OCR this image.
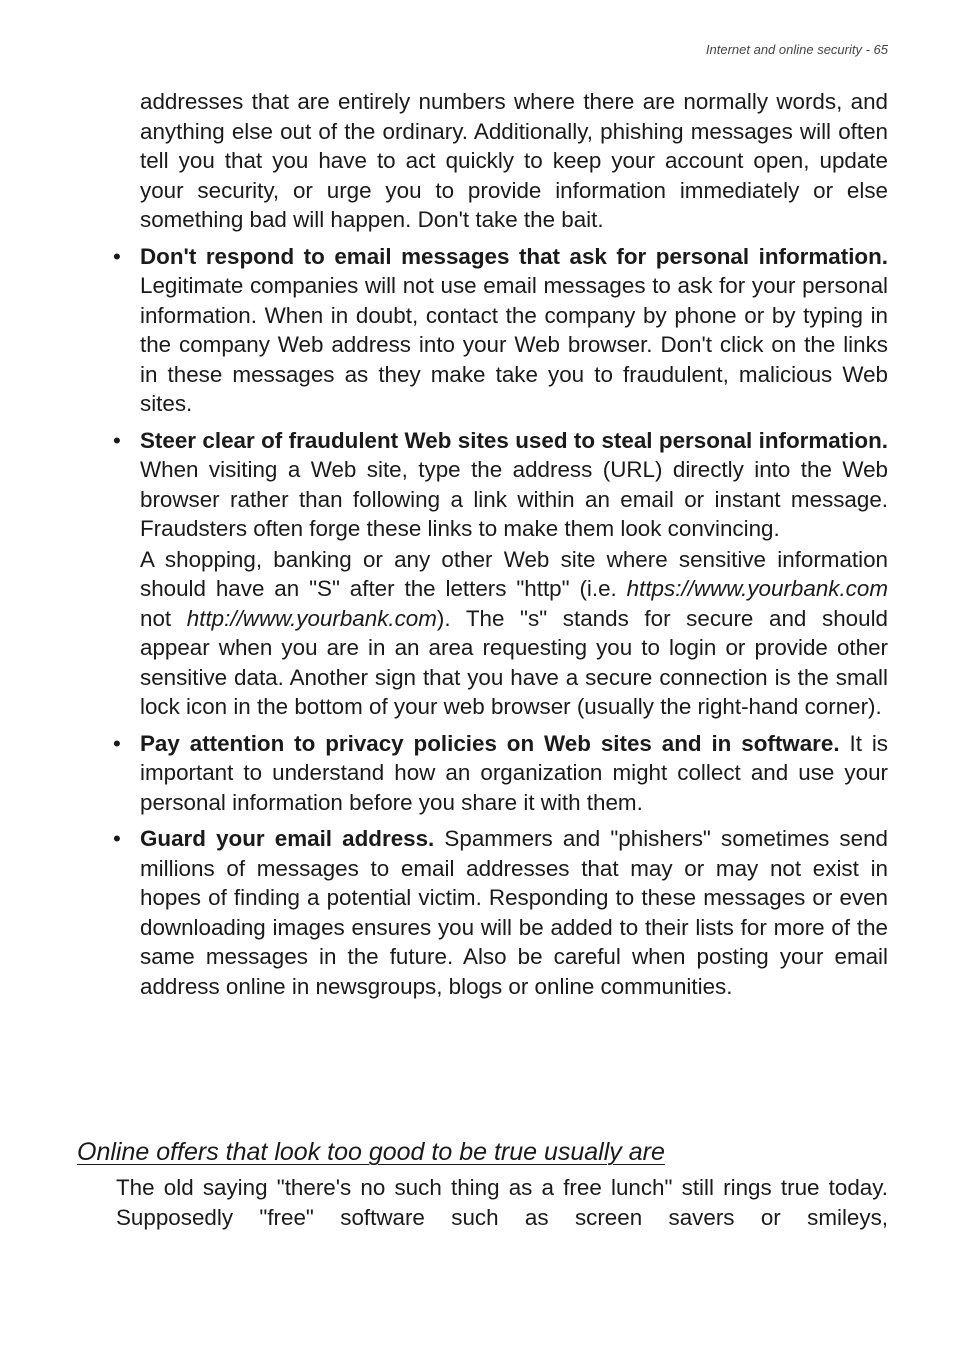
Internet and online security - 65

addresses that are entirely numbers where there are normally words, and anything else out of the ordinary. Additionally, phishing messages will often tell you that you have to act quickly to keep your account open, update your security, or urge you to provide information immediately or else something bad will happen. Don't take the bait.

• Don't respond to email messages that ask for personal information. Legitimate companies will not use email messages to ask for your personal information. When in doubt, contact the company by phone or by typing in the company Web address into your Web browser. Don't click on the links in these messages as they make take you to fraudulent, malicious Web sites.
• Steer clear of fraudulent Web sites used to steal personal information. When visiting a Web site, type the address (URL) directly into the Web browser rather than following a link within an email or instant message. Fraudsters often forge these links to make them look convincing.
A shopping, banking or any other Web site where sensitive information should have an "S" after the letters "http" (i.e. https://www.yourbank.com not http://www.yourbank.com). The "s" stands for secure and should appear when you are in an area requesting you to login or provide other sensitive data. Another sign that you have a secure connection is the small lock icon in the bottom of your web browser (usually the right-hand corner).
• Pay attention to privacy policies on Web sites and in software. It is important to understand how an organization might collect and use your personal information before you share it with them.
• Guard your email address. Spammers and "phishers" sometimes send millions of messages to email addresses that may or may not exist in hopes of finding a potential victim. Responding to these messages or even downloading images ensures you will be added to their lists for more of the same messages in the future. Also be careful when posting your email address online in newsgroups, blogs or online communities.
Online offers that look too good to be true usually are

The old saying "there's no such thing as a free lunch" still rings true today. Supposedly "free" software such as screen savers or smileys,
